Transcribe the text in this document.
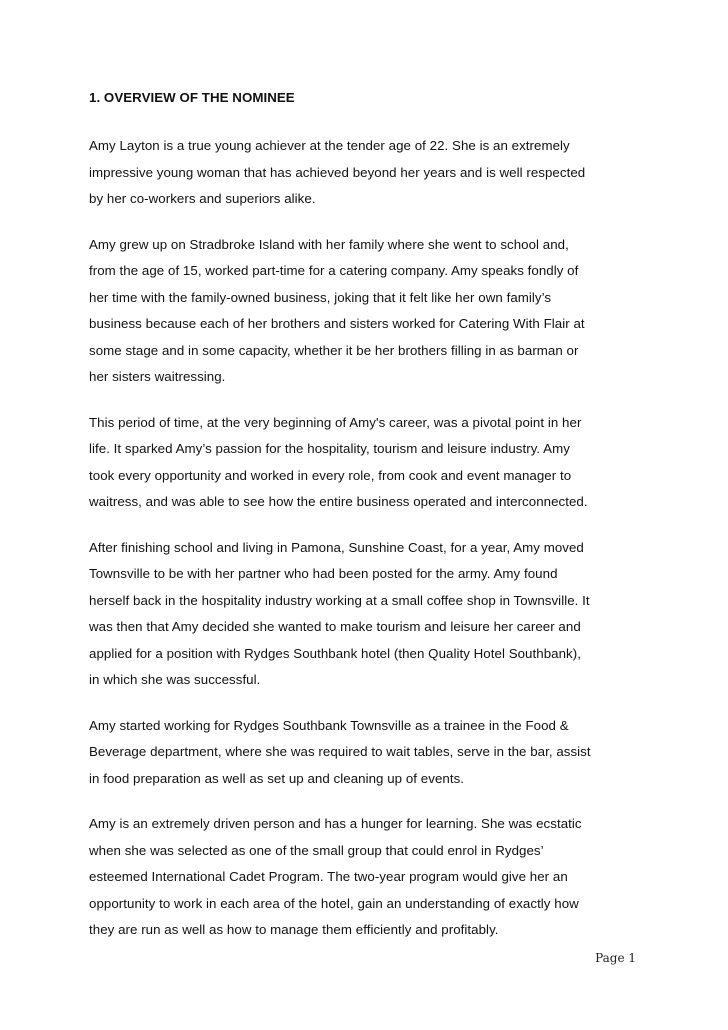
1. OVERVIEW OF THE NOMINEE
Amy Layton is a true young achiever at the tender age of 22. She is an extremely
impressive young woman that has achieved beyond her years and is well respected
by her co-workers and superiors alike.
Amy grew up on Stradbroke Island with her family where she went to school and,
from the age of 15, worked part-time for a catering company. Amy speaks fondly of
her time with the family-owned business, joking that it felt like her own family’s
business because each of her brothers and sisters worked for Catering With Flair at
some stage and in some capacity, whether it be her brothers filling in as barman or
her sisters waitressing.
This period of time, at the very beginning of Amy's career, was a pivotal point in her
life. It sparked Amy’s passion for the hospitality, tourism and leisure industry. Amy
took every opportunity and worked in every role, from cook and event manager to
waitress, and was able to see how the entire business operated and interconnected.
After finishing school and living in Pamona, Sunshine Coast, for a year, Amy moved
Townsville to be with her partner who had been posted for the army. Amy found
herself back in the hospitality industry working at a small coffee shop in Townsville. It
was then that Amy decided she wanted to make tourism and leisure her career and
applied for a position with Rydges Southbank hotel (then Quality Hotel Southbank),
in which she was successful.
Amy started working for Rydges Southbank Townsville as a trainee in the Food &
Beverage department, where she was required to wait tables, serve in the bar, assist
in food preparation as well as set up and cleaning up of events.
Amy is an extremely driven person and has a hunger for learning. She was ecstatic
when she was selected as one of the small group that could enrol in Rydges’
esteemed International Cadet Program. The two-year program would give her an
opportunity to work in each area of the hotel, gain an understanding of exactly how
they are run as well as how to manage them efficiently and profitably.
Page 1
